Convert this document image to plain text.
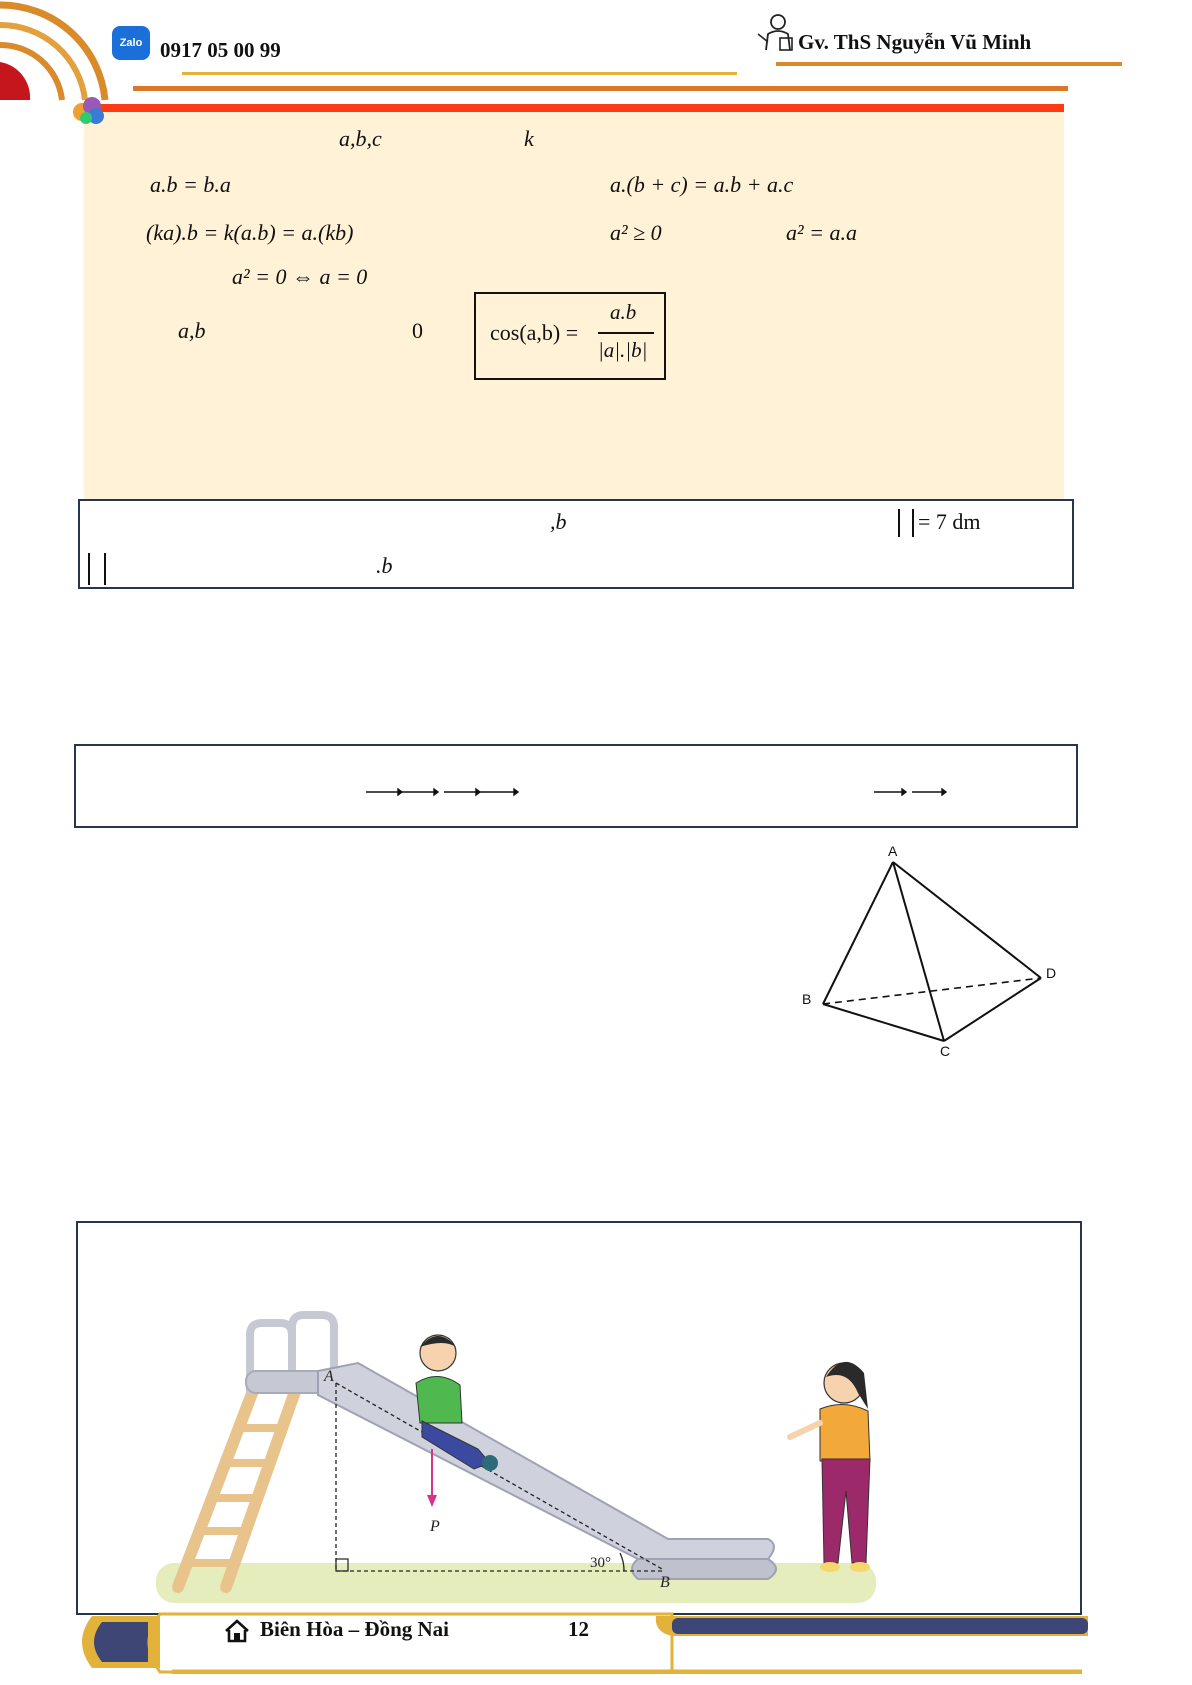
Zalo 0917 05 00 99	Gv. ThS Nguyễn Vũ Minh
a,b,c	k
a.b = b.a	a.(b + c) = a.b + a.c
(ka).b = k(a.b) = a.(kb)	a² ≥ 0	a² = a.a
a² = 0 ⇔ a = 0
a,b	0	cos(a,b) =
a.b
|a|.|b|
,b	= 7 dm
.b
A
B
C
D
A
B
P
30°
Biên Hòa – Đồng Nai	12
